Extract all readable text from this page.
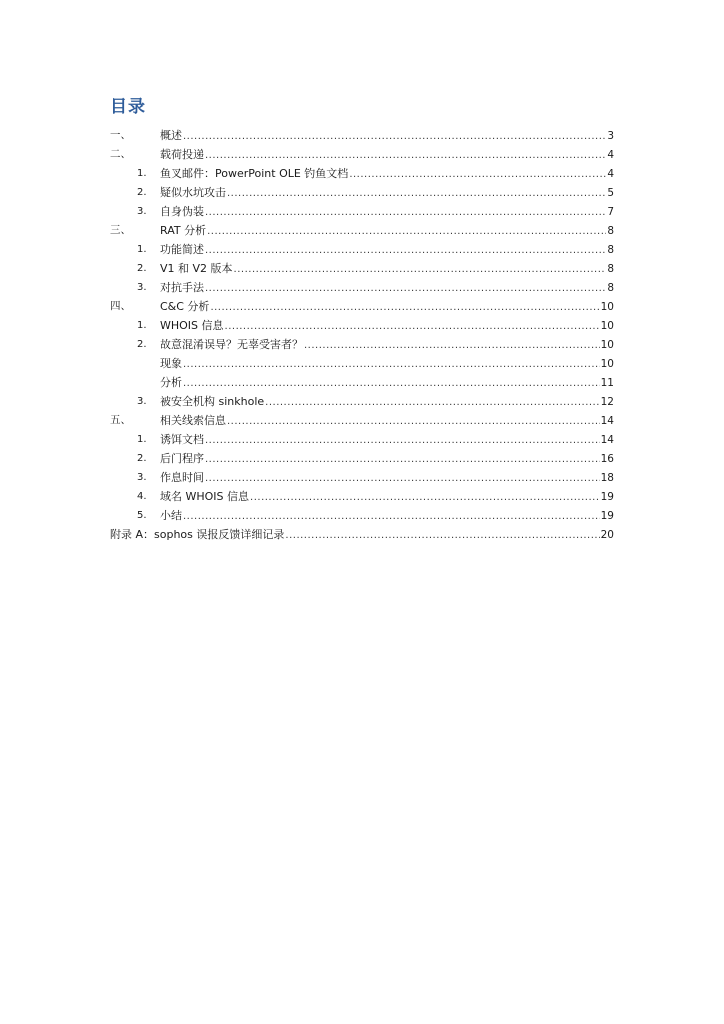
目录
一、	概述 .....	3
二、	载荷投递 .....	4
1. 鱼叉邮件：PowerPoint OLE 钓鱼文档 .....	4
2. 疑似水坑攻击 .....	5
3. 自身伪装 .....	7
三、	RAT 分析 .....	8
1. 功能简述 .....	8
2. V1 和 V2 版本 .....	8
3. 对抗手法 .....	8
四、	C&C 分析 .....	10
1. WHOIS 信息 .....	10
2. 故意混淆误导？无辜受害者？ .....	10
现象 .....	10
分析 .....	11
3. 被安全机构 sinkhole .....	12
五、	相关线索信息 .....	14
1. 诱饵文档 .....	14
2. 后门程序 .....	16
3. 作息时间 .....	18
4. 域名 WHOIS 信息 .....	19
5. 小结 .....	19
附录 A：sophos 误报反馈详细记录 .....	20
